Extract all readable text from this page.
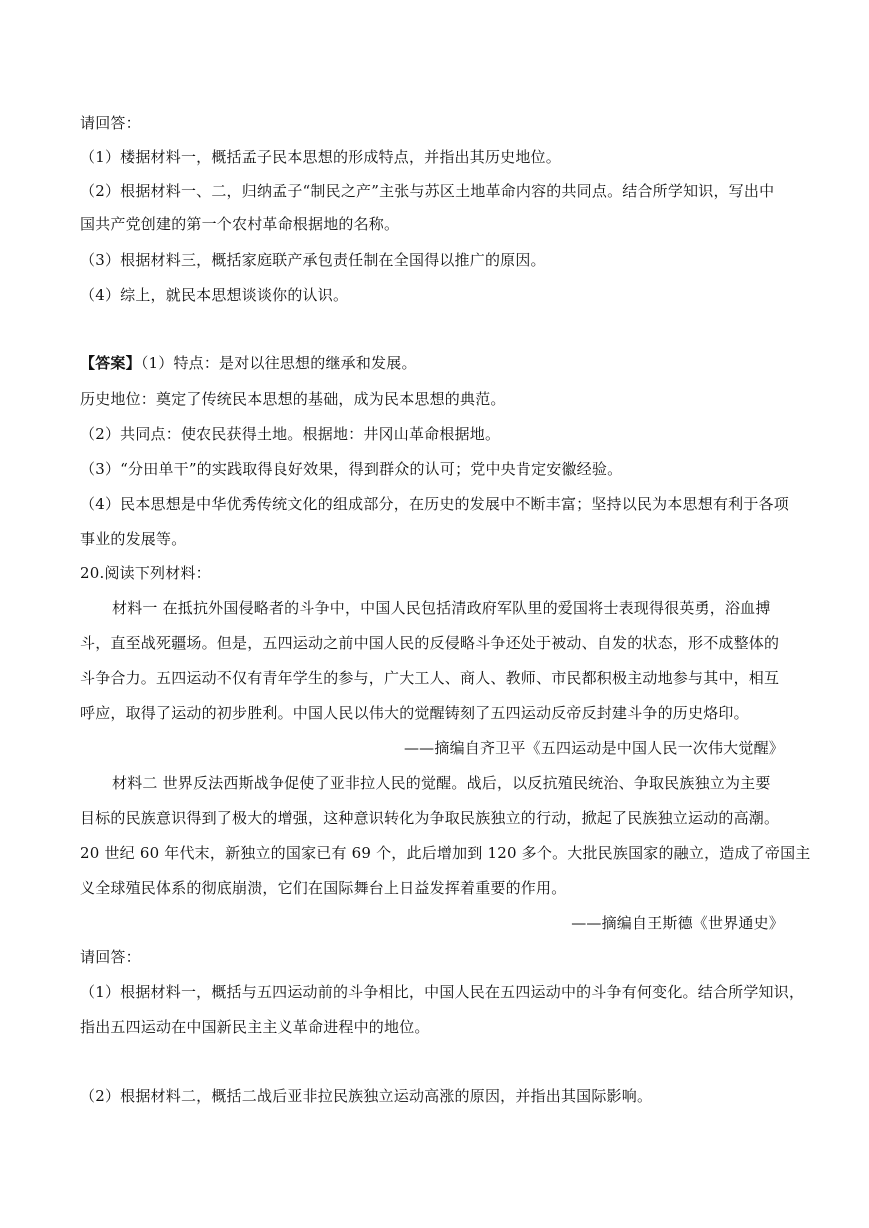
请回答：
（1）楼据材料一，概括孟子民本思想的形成特点，并指出其历史地位。
（2）根据材料一、二，归纳孟子“制民之产”主张与苏区土地革命内容的共同点。结合所学知识，写出中
国共产党创建的第一个农村革命根据地的名称。
（3）根据材料三，概括家庭联产承包责任制在全国得以推广的原因。
（4）综上，就民本思想谈谈你的认识。
【答案】（1）特点：是对以往思想的继承和发展。
历史地位：奠定了传统民本思想的基础，成为民本思想的典范。
（2）共同点：使农民获得土地。根据地：井冈山革命根据地。
（3）“分田单干”的实践取得良好效果，得到群众的认可；党中央肯定安徽经验。
（4）民本思想是中华优秀传统文化的组成部分，在历史的发展中不断丰富；坚持以民为本思想有利于各项
事业的发展等。
20.阅读下列材料：
材料一 在抵抗外国侵略者的斗争中，中国人民包括清政府军队里的爱国将士表现得很英勇，浴血搏
斗，直至战死疆场。但是，五四运动之前中国人民的反侵略斗争还处于被动、自发的状态，形不成整体的
斗争合力。五四运动不仅有青年学生的参与，广大工人、商人、教师、市民都积极主动地参与其中，相互
呼应，取得了运动的初步胜利。中国人民以伟大的觉醒铸刻了五四运动反帝反封建斗争的历史烙印。
——摘编自齐卫平《五四运动是中国人民一次伟大觉醒》
材料二 世界反法西斯战争促使了亚非拉人民的觉醒。战后，以反抗殖民统治、争取民族独立为主要
目标的民族意识得到了极大的增强，这种意识转化为争取民族独立的行动，掀起了民族独立运动的高潮。
20 世纪 60 年代末，新独立的国家已有 69 个，此后增加到 120 多个。大批民族国家的融立，造成了帝国主
义全球殖民体系的彻底崩溃，它们在国际舞台上日益发挥着重要的作用。
——摘编自王斯德《世界通史》
请回答：
（1）根据材料一，概括与五四运动前的斗争相比，中国人民在五四运动中的斗争有何变化。结合所学知识，
指出五四运动在中国新民主主义革命进程中的地位。
（2）根据材料二，概括二战后亚非拉民族独立运动高涨的原因，并指出其国际影响。
